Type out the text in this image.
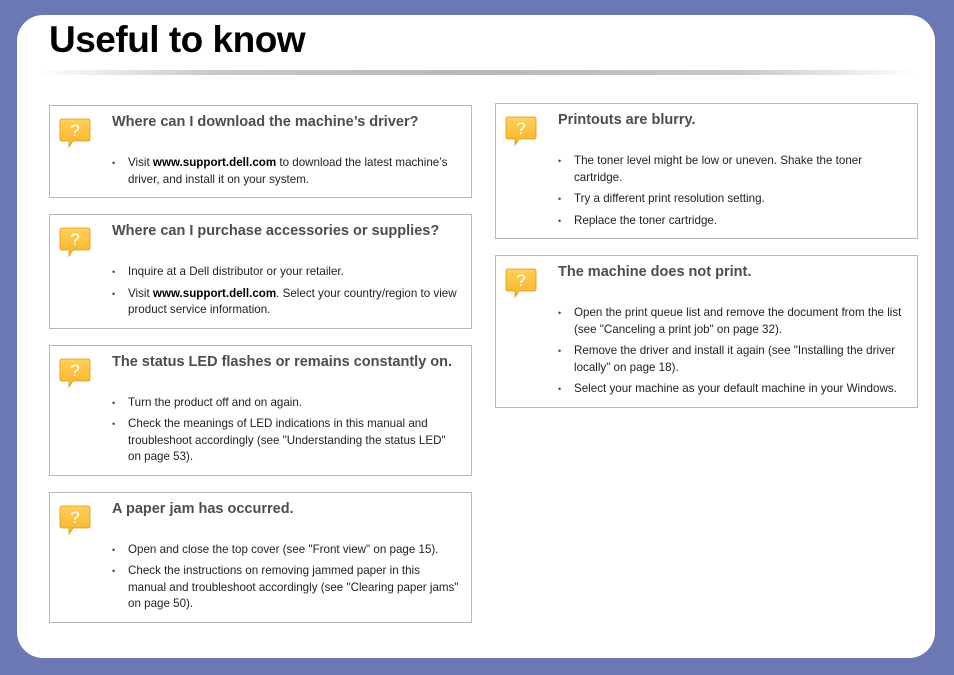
Useful to know
? Where can I download the machine’s driver?
• Visit www.support.dell.com to download the latest machine’s driver, and install it on your system.
? Where can I purchase accessories or supplies?
• Inquire at a Dell distributor or your retailer.
• Visit www.support.dell.com. Select your country/region to view product service information.
? The status LED flashes or remains constantly on.
• Turn the product off and on again.
• Check the meanings of LED indications in this manual and troubleshoot accordingly (see "Understanding the status LED" on page 53).
? A paper jam has occurred.
• Open and close the top cover (see "Front view" on page 15).
• Check the instructions on removing jammed paper in this manual and troubleshoot accordingly (see "Clearing paper jams" on page 50).
? Printouts are blurry.
• The toner level might be low or uneven. Shake the toner cartridge.
• Try a different print resolution setting.
• Replace the toner cartridge.
? The machine does not print.
• Open the print queue list and remove the document from the list (see "Canceling a print job" on page 32).
• Remove the driver and install it again (see "Installing the driver locally" on page 18).
• Select your machine as your default machine in your Windows.
